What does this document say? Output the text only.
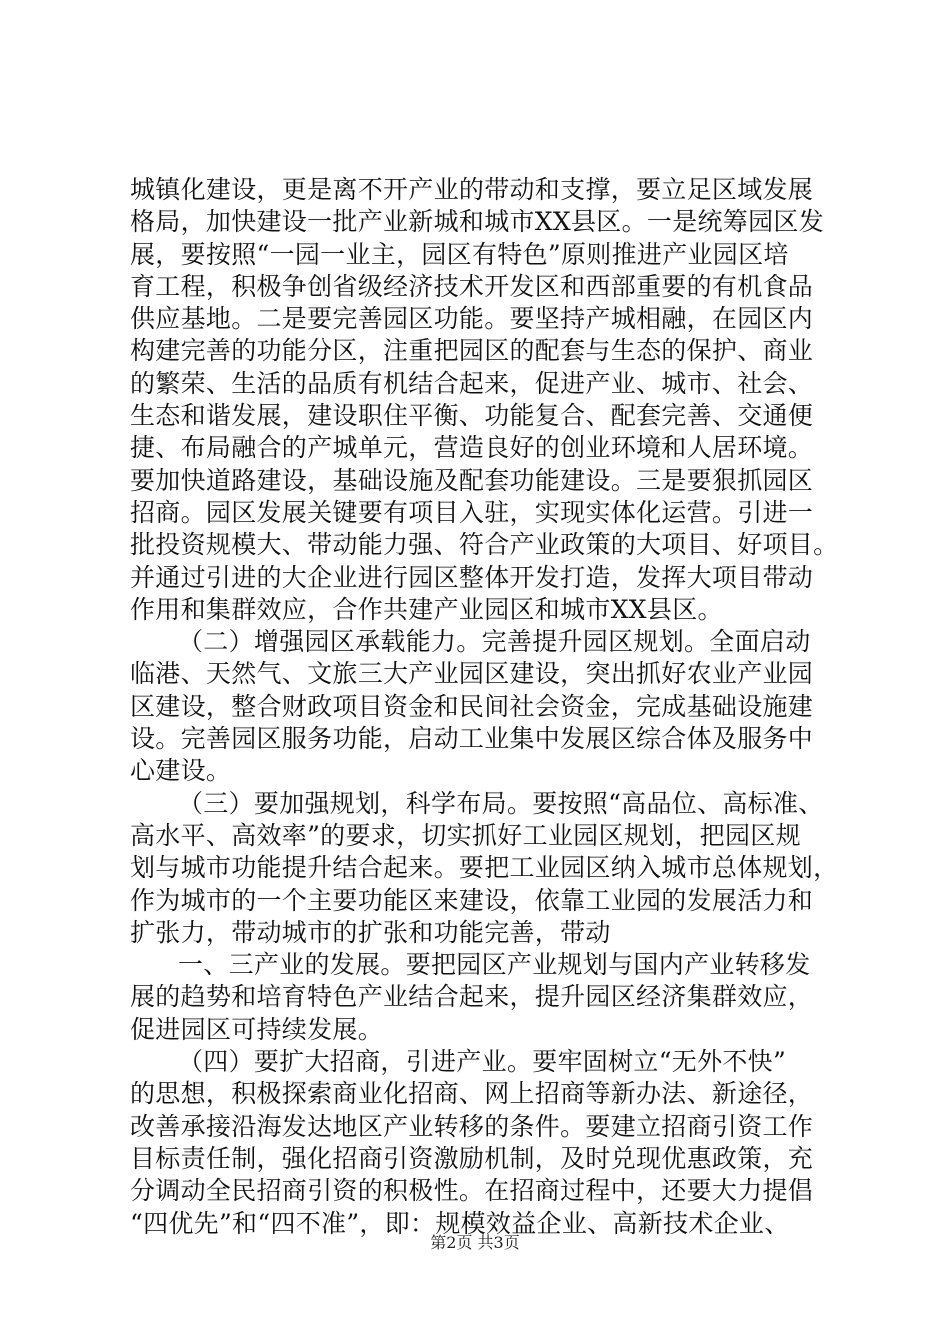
城镇化建设，更是离不开产业的带动和支撑，要立足区域发展
格局，加快建设一批产业新城和城市XX县区。一是统筹园区发
展，要按照“一园一业主，园区有特色”原则推进产业园区培
育工程，积极争创省级经济技术开发区和西部重要的有机食品
供应基地。二是要完善园区功能。要坚持产城相融，在园区内
构建完善的功能分区，注重把园区的配套与生态的保护、商业
的繁荣、生活的品质有机结合起来，促进产业、城市、社会、
生态和谐发展，建设职住平衡、功能复合、配套完善、交通便
捷、布局融合的产城单元，营造良好的创业环境和人居环境。
要加快道路建设，基础设施及配套功能建设。三是要狠抓园区
招商。园区发展关键要有项目入驻，实现实体化运营。引进一
批投资规模大、带动能力强、符合产业政策的大项目、好项目。
并通过引进的大企业进行园区整体开发打造，发挥大项目带动
作用和集群效应，合作共建产业园区和城市XX县区。
（二）增强园区承载能力。完善提升园区规划。全面启动
临港、天然气、文旅三大产业园区建设，突出抓好农业产业园
区建设，整合财政项目资金和民间社会资金，完成基础设施建
设。完善园区服务功能，启动工业集中发展区综合体及服务中
心建设。
（三）要加强规划，科学布局。要按照“高品位、高标准、
高水平、高效率”的要求，切实抓好工业园区规划，把园区规
划与城市功能提升结合起来。要把工业园区纳入城市总体规划，
作为城市的一个主要功能区来建设，依靠工业园的发展活力和
扩张力，带动城市的扩张和功能完善，带动
一、三产业的发展。要把园区产业规划与国内产业转移发
展的趋势和培育特色产业结合起来，提升园区经济集群效应，
促进园区可持续发展。
（四）要扩大招商，引进产业。要牢固树立“无外不快”
的思想，积极探索商业化招商、网上招商等新办法、新途径，
改善承接沿海发达地区产业转移的条件。要建立招商引资工作
目标责任制，强化招商引资激励机制，及时兑现优惠政策，充
分调动全民招商引资的积极性。在招商过程中，还要大力提倡
“四优先”和“四不准”，即：规模效益企业、高新技术企业、
第2页 共3页
